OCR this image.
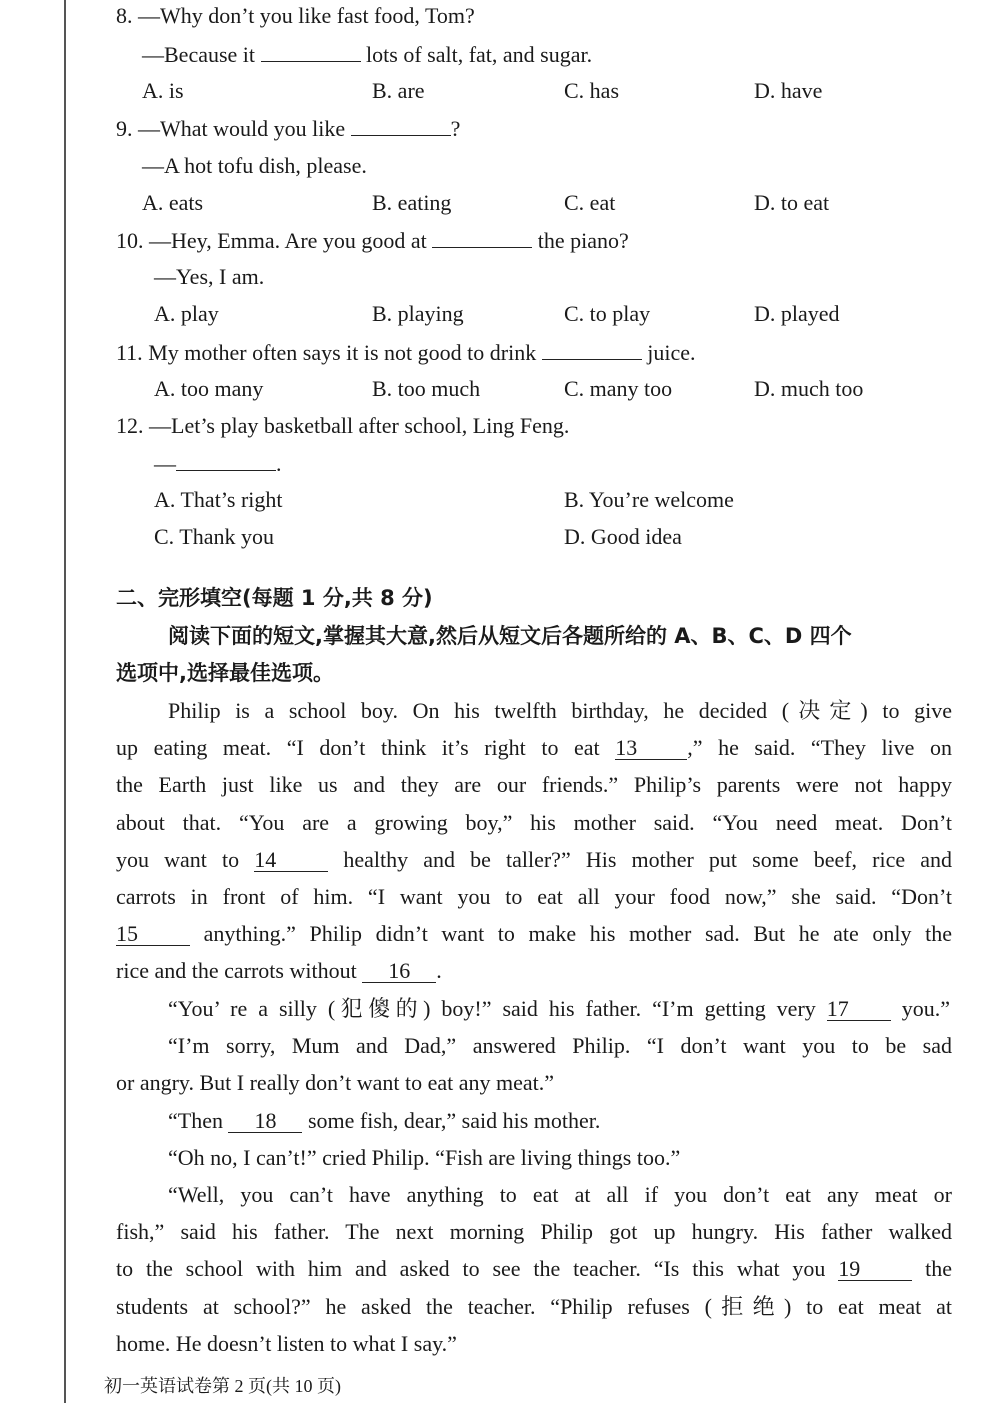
8. —Why don’t you like fast food, Tom?
—Because it	lots of salt, fat, and sugar.
A. is	B. are	C. has	D. have
9. —What would you like	?
—A hot tofu dish, please.
A. eats	B. eating	C. eat	D. to eat
10. —Hey, Emma. Are you good at	the piano?
—Yes, I am.
A. play	B. playing	C. to play	D. played
11. My mother often says it is not good to drink	juice.
A. too many	B. too much	C. many too	D. much too
12. —Let’s play basketball after school, Ling Feng.
—	.
A. That’s right	B. You’re welcome
C. Thank you	D. Good idea
二、完形填空(每题 1 分,共 8 分)
阅读下面的短文,掌握其大意,然后从短文后各题所给的 A、B、C、D 四个
选项中,选择最佳选项。
Philip is a school boy. On his twelfth birthday, he decided (决定) to give
up eating meat. “I don’t think it’s right to eat 13 ,” he said. “They live on
the Earth just like us and they are our friends.” Philip’s parents were not happy
about that. “You are a growing boy,” his mother said. “You need meat. Don’t
you want to 14	healthy and be taller?” His mother put some beef, rice and
carrots in front of him. “I want you to eat all your food now,” she said. “Don’t
15	anything.” Philip didn’t want to make his mother sad. But he ate only the
rice and the carrots without 16 .
“You’ re a silly (犯傻的) boy!” said his father. “I’m getting very 17 you.”
“I’m sorry, Mum and Dad,” answered Philip. “I don’t want you to be sad
or angry. But I really don’t want to eat any meat.”
“Then 18 some fish, dear,” said his mother.
“Oh no, I can’t!” cried Philip. “Fish are living things too.”
“Well, you can’t have anything to eat at all if you don’t eat any meat or
fish,” said his father. The next morning Philip got up hungry. His father walked
to the school with him and asked to see the teacher. “Is this what you 19	the
students at school?” he asked the teacher. “Philip refuses (拒绝) to eat meat at
home. He doesn’t listen to what I say.”
初一英语试卷第 2 页(共 10 页)
